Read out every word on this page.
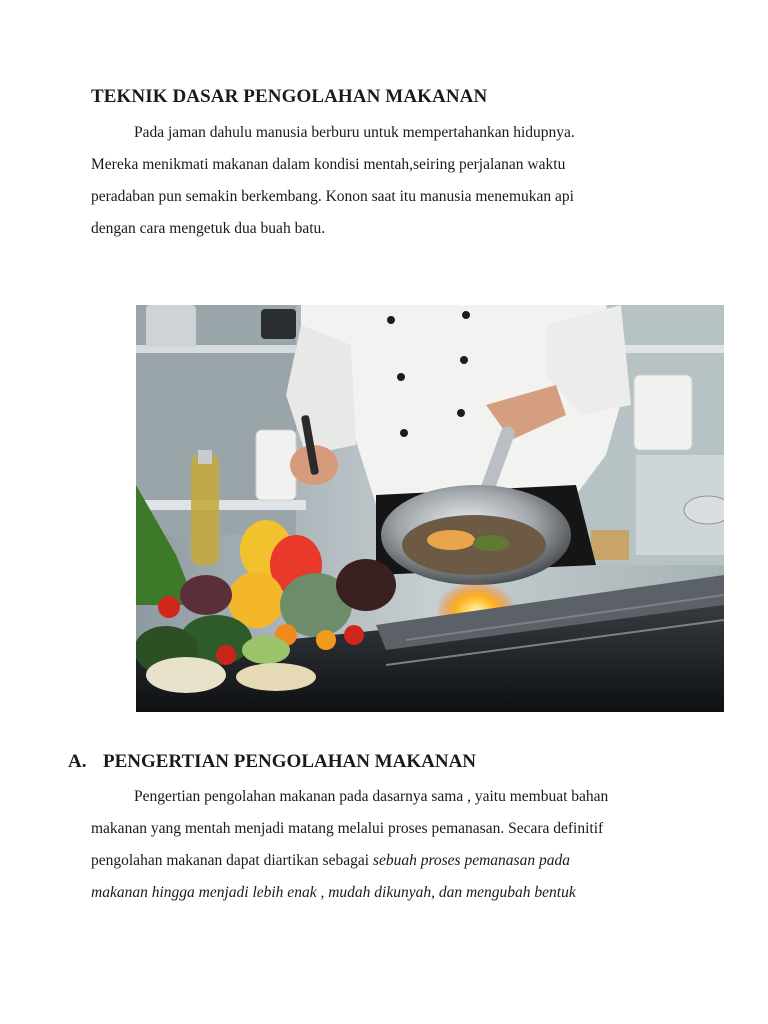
TEKNIK DASAR PENGOLAHAN MAKANAN
Pada jaman dahulu manusia berburu untuk mempertahankan hidupnya.
Mereka menikmati makanan dalam kondisi mentah,seiring perjalanan waktu
peradaban pun semakin berkembang. Konon saat itu manusia menemukan api
dengan cara mengetuk dua buah batu.
A. PENGERTIAN PENGOLAHAN MAKANAN
Pengertian pengolahan makanan pada dasarnya sama , yaitu membuat bahan
makanan yang mentah menjadi matang melalui proses pemanasan. Secara definitif
pengolahan makanan dapat diartikan sebagai sebuah proses pemanasan pada
makanan hingga menjadi lebih enak , mudah dikunyah, dan mengubah bentuk
